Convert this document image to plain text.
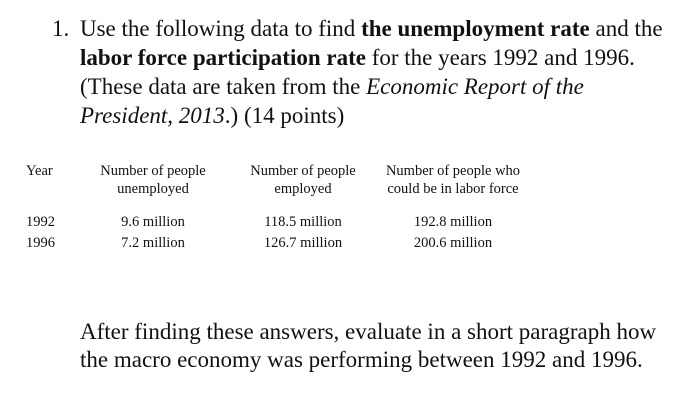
1. Use the following data to find the unemployment rate and the labor force participation rate for the years 1992 and 1996. (These data are taken from the Economic Report of the President, 2013.) (14 points)
Year	Number of people unemployed	Number of people employed	Number of people who could be in labor force
1992	9.6 million	118.5 million	192.8 million
1996	7.2 million	126.7 million	200.6 million
After finding these answers, evaluate in a short paragraph how the macro economy was performing between 1992 and 1996.
